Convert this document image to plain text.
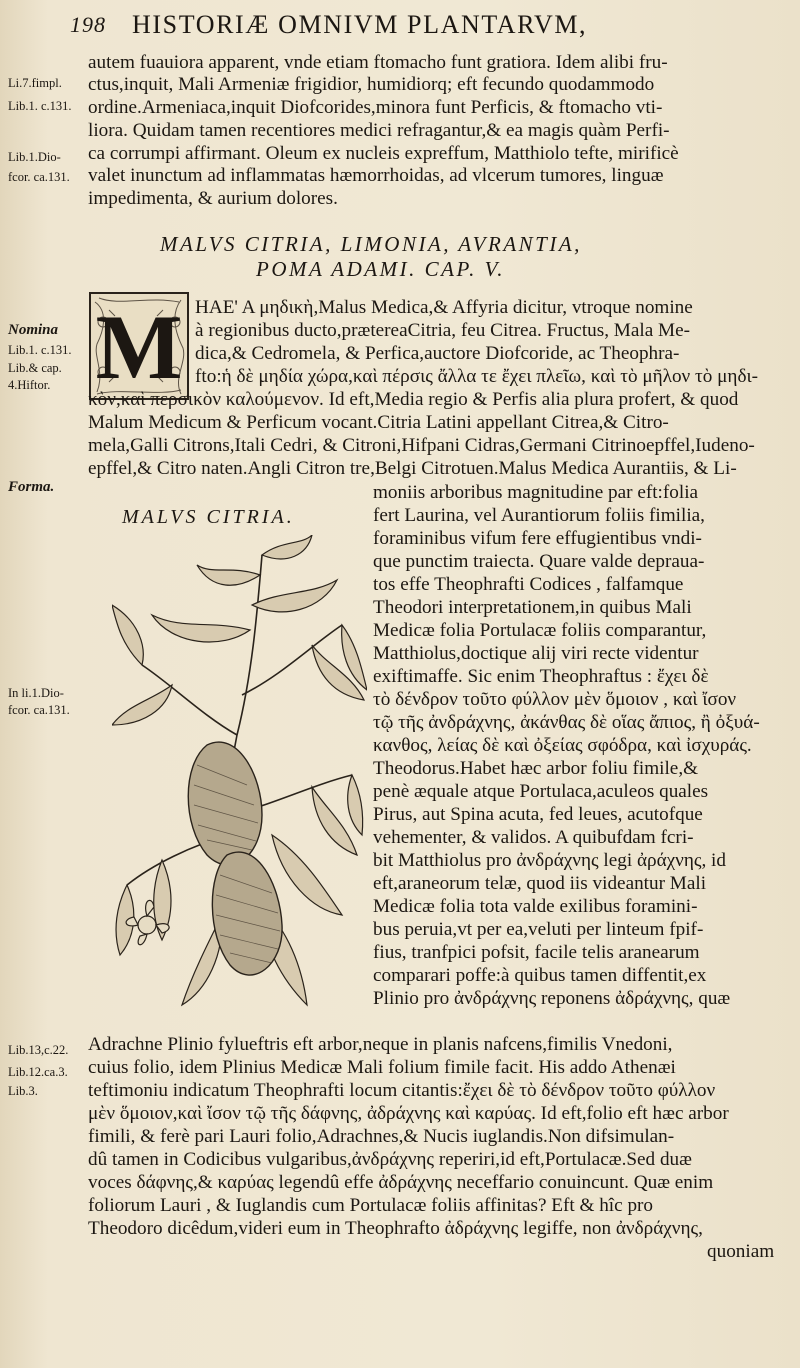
198 HISTORIÆ OMNIVM PLANTARVM,
Li.7.fimpl.
Lib.1. c.131.
Lib.1.Dio-
fcor. ca.131.
autem fuauiora apparent, vnde etiam ftomacho funt gratiora. Idem alibi fru-
ctus,inquit, Mali Armeniæ frigidior, humidiorq; eft fecundo quodammodo
ordine.Armeniaca,inquit Diofcorides,minora funt Perficis, & ftomacho vti-
liora. Quidam tamen recentiores medici refragantur,& ea magis quàm Perfi-
ca corrumpi affirmant. Oleum ex nucleis expreffum, Matthiolo tefte, mirificè
valet inunctum ad inflammatas hæmorrhoidas, ad vlcerum tumores, linguæ
impedimenta, & aurium dolores.
MALVS CITRIA, LIMONIA, AVRANTIA,
POMA ADAMI. CAP. V.
M HAE' A μηδικὴ,Malus Medica,& Affyria dicitur, vtroque nomine
à regionibus ducto,prætereaCitria, feu Citrea. Fructus, Mala Me-
dica,& Cedromela, & Perfica,auctore Diofcoride, ac Theophra-
fto:ἡ δὲ μηδία χώρα,καὶ πέρσις ἄλλα τε ἔχει πλεῖω, καὶ τὸ μῆλον τὸ μηδι-
Nomina
Lib.1. c.131.
Lib.& cap.
4.Hiftor.
κὸν,καὶ περσικὸν καλούμενον. Id eft,Media regio & Perfis alia plura profert, & quod
Malum Medicum & Perficum vocant.Citria Latini appellant Citrea,& Citro-
mela,Galli Citrons,Itali Cedri, & Citroni,Hifpani Cidras,Germani Citrinoepffel,Iudeno-
epffel,& Citro naten.Angli Citron tre,Belgi Citrotuen.Malus Medica Aurantiis, & Li-
Forma.
MALVS CITRIA.
In li.1.Dio-
fcor. ca.131.
moniis arboribus magnitudine par eft:folia
fert Laurina, vel Aurantiorum foliis fimilia,
foraminibus vifum fere effugientibus vndi-
que punctim traiecta. Quare valde deprauа-
tos effe Theophrafti Codices , falfamque
Theodori interpretationem,in quibus Mali
Medicæ folia Portulacæ foliis comparantur,
Matthiolus,doctique alij viri recte videntur
exiftimaffe. Sic enim Theophraftus : ἔχει δὲ
τὸ δένδρον τοῦτο φύλλον μὲν ὅμοιον , καὶ ἴσον
τῷ τῆς ἀνδράχνης, ἀκάνθας δὲ οἵας ἄπιος, ἢ ὀξυά-
κανθος, λείας δὲ καὶ ὀξείας σφόδρα, καὶ ἰσχυράς.
Theodorus.Habet hæc arbor foliu fimile,&
penè æquale atque Portulaca,aculeos quales
Pirus, aut Spina acuta, fed leues, acutofque
vehementer, & validos. A quibufdam fcri-
bit Matthiolus pro ἀνδράχνης legi ἀράχνης, id
eft,araneorum telæ, quod iis videantur Mali
Medicæ folia tota valde exilibus foramini-
bus peruia,vt per ea,veluti per linteum fpif-
fius, tranfpici pofsit, facile telis aranearum
comparari poffe:à quibus tamen diffentit,ex
Plinio pro ἀνδράχνης reponens ἀδράχνης, quæ
Lib.13,c.22.
Lib.12.ca.3.
Lib.3.
Adrachne Plinio fylueftris eft arbor,neque in planis nafcens,fimilis Vnedoni,
cuius folio, idem Plinius Medicæ Mali folium fimile facit. His addo Athenæi
teftimoniu indicatum Theophrafti locum citantis:ἔχει δὲ τὸ δένδρον τοῦτο φύλλον
μὲν ὅμοιον,καὶ ἴσον τῷ τῆς δάφνης, ἀδράχνης καὶ καρύας. Id eft,folio eft hæc arbor
fimili, & ferè pari Lauri folio,Adrachnes,& Nucis iuglandis.Non difsimulan-
dû tamen in Codicibus vulgaribus,ἀνδράχνης reperiri,id eft,Portulacæ.Sed duæ
voces δάφνης,& καρύας legendû effe ἀδράχνης neceffario conuincunt. Quæ enim
foliorum Lauri , & Iuglandis cum Portulacæ foliis affinitas? Eft & hîc pro
Theodoro dicêdum,videri eum in Theophrafto ἀδράχνης legiffe, non ἀνδράχνης,
quoniam
